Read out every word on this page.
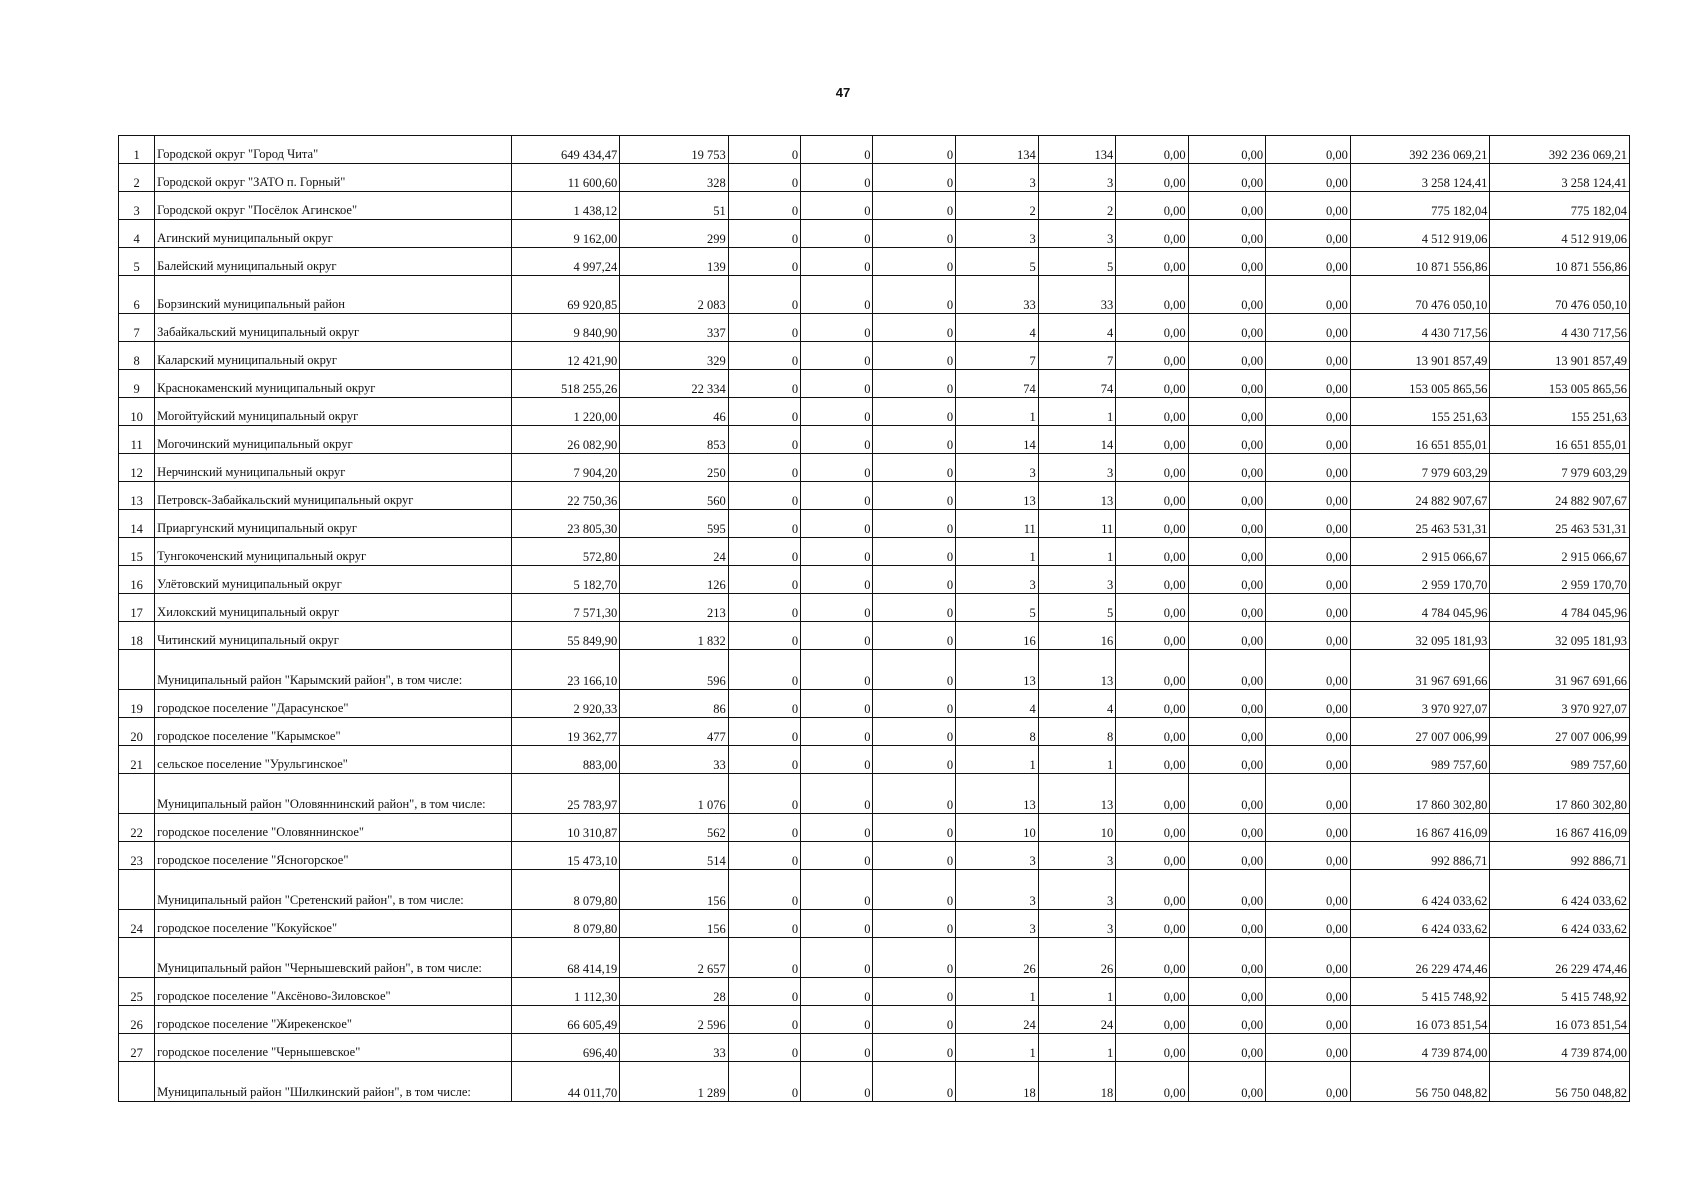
47
1	Городской округ "Город Чита"	649 434,47	19 753	0	0	0	134	134	0,00	0,00	0,00	392 236 069,21	392 236 069,21
2	Городской округ "ЗАТО п. Горный"	11 600,60	328	0	0	0	3	3	0,00	0,00	0,00	3 258 124,41	3 258 124,41
3	Городской округ "Посёлок Агинское"	1 438,12	51	0	0	0	2	2	0,00	0,00	0,00	775 182,04	775 182,04
4	Агинский муниципальный округ	9 162,00	299	0	0	0	3	3	0,00	0,00	0,00	4 512 919,06	4 512 919,06
5	Балейский муниципальный округ	4 997,24	139	0	0	0	5	5	0,00	0,00	0,00	10 871 556,86	10 871 556,86
6	Борзинский муниципальный район	69 920,85	2 083	0	0	0	33	33	0,00	0,00	0,00	70 476 050,10	70 476 050,10
7	Забайкальский муниципальный округ	9 840,90	337	0	0	0	4	4	0,00	0,00	0,00	4 430 717,56	4 430 717,56
8	Каларский муниципальный округ	12 421,90	329	0	0	0	7	7	0,00	0,00	0,00	13 901 857,49	13 901 857,49
9	Краснокаменский муниципальный округ	518 255,26	22 334	0	0	0	74	74	0,00	0,00	0,00	153 005 865,56	153 005 865,56
10	Могойтуйский муниципальный округ	1 220,00	46	0	0	0	1	1	0,00	0,00	0,00	155 251,63	155 251,63
11	Могочинский муниципальный округ	26 082,90	853	0	0	0	14	14	0,00	0,00	0,00	16 651 855,01	16 651 855,01
12	Нерчинский муниципальный округ	7 904,20	250	0	0	0	3	3	0,00	0,00	0,00	7 979 603,29	7 979 603,29
13	Петровск-Забайкальский муниципальный округ	22 750,36	560	0	0	0	13	13	0,00	0,00	0,00	24 882 907,67	24 882 907,67
14	Приаргунский муниципальный округ	23 805,30	595	0	0	0	11	11	0,00	0,00	0,00	25 463 531,31	25 463 531,31
15	Тунгокоченский муниципальный округ	572,80	24	0	0	0	1	1	0,00	0,00	0,00	2 915 066,67	2 915 066,67
16	Улётовский муниципальный округ	5 182,70	126	0	0	0	3	3	0,00	0,00	0,00	2 959 170,70	2 959 170,70
17	Хилокский муниципальный округ	7 571,30	213	0	0	0	5	5	0,00	0,00	0,00	4 784 045,96	4 784 045,96
18	Читинский муниципальный округ	55 849,90	1 832	0	0	0	16	16	0,00	0,00	0,00	32 095 181,93	32 095 181,93
	Муниципальный район "Карымский район", в том числе:	23 166,10	596	0	0	0	13	13	0,00	0,00	0,00	31 967 691,66	31 967 691,66
19	городское поселение "Дарасунское"	2 920,33	86	0	0	0	4	4	0,00	0,00	0,00	3 970 927,07	3 970 927,07
20	городское поселение "Карымское"	19 362,77	477	0	0	0	8	8	0,00	0,00	0,00	27 007 006,99	27 007 006,99
21	сельское поселение "Урульгинское"	883,00	33	0	0	0	1	1	0,00	0,00	0,00	989 757,60	989 757,60
	Муниципальный район "Оловяннинский район", в том числе:	25 783,97	1 076	0	0	0	13	13	0,00	0,00	0,00	17 860 302,80	17 860 302,80
22	городское поселение "Оловяннинское"	10 310,87	562	0	0	0	10	10	0,00	0,00	0,00	16 867 416,09	16 867 416,09
23	городское поселение "Ясногорское"	15 473,10	514	0	0	0	3	3	0,00	0,00	0,00	992 886,71	992 886,71
	Муниципальный район "Сретенский район", в том числе:	8 079,80	156	0	0	0	3	3	0,00	0,00	0,00	6 424 033,62	6 424 033,62
24	городское поселение "Кокуйское"	8 079,80	156	0	0	0	3	3	0,00	0,00	0,00	6 424 033,62	6 424 033,62
	Муниципальный район "Чернышевский район", в том числе:	68 414,19	2 657	0	0	0	26	26	0,00	0,00	0,00	26 229 474,46	26 229 474,46
25	городское поселение "Аксёново-Зиловское"	1 112,30	28	0	0	0	1	1	0,00	0,00	0,00	5 415 748,92	5 415 748,92
26	городское поселение "Жирекенское"	66 605,49	2 596	0	0	0	24	24	0,00	0,00	0,00	16 073 851,54	16 073 851,54
27	городское поселение "Чернышевское"	696,40	33	0	0	0	1	1	0,00	0,00	0,00	4 739 874,00	4 739 874,00
	Муниципальный район "Шилкинский район", в том числе:	44 011,70	1 289	0	0	0	18	18	0,00	0,00	0,00	56 750 048,82	56 750 048,82
